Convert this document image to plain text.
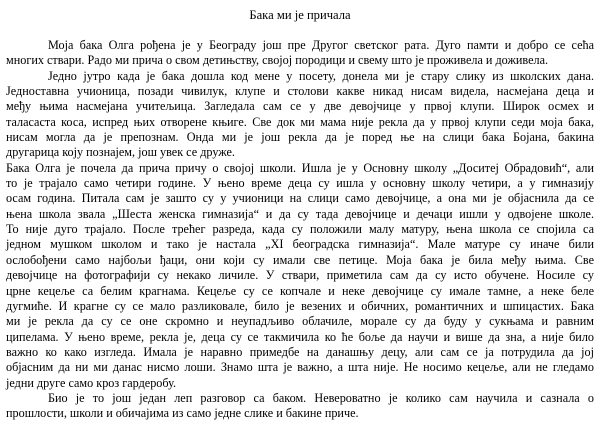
Бака ми је причала

Моја бака Олга рођена је у Београду још пре Другог светског рата. Дуго памти и добро се сећа
многих ствари. Радо ми прича о свом детињству, својој породици и свему што је проживела и доживела.

Једно јутро када је бака дошла код мене у посету, донела ми је стару слику из школских дана.
Једноставна учионица, позади чивилук, клупе и столови какве никад нисам видела, насмејана деца и
међу њима насмејана учитељица. Загледала сам се у две девојчице у првој клупи. Широк осмех и
таласаста коса, испред њих отворене књиге. Све док ми мама није рекла да у првој клупи седи моја бака,
нисам могла да је препознам. Онда ми је још рекла да је поред ње на слици бака Бојана, бакина
другарица коју познајем, још увек се друже.

Бака Олга је почела да прича причу о својој школи. Ишла је у Основну школу „Доситеј Обрадовић“, али
то је трајало само четири године. У њено време деца су ишла у основну школу четири, а у гимназију
осам година. Питала сам је зашто су у учионици на слици само девојчице, а она ми је објаснила да се
њена школа звала „Шеста женска гимназија“ и да су тада девојчице и дечаци ишли у одвојене школе.
То није дуго трајало. После трећег разреда, када су положили малу матуру, њена школа се спојила са
једном мушком школом и тако је настала „XI београдска гимназија“. Мале матуре су иначе били
ослобођени само најбољи ђаци, они који су имали све петице. Моја бака је била међу њима. Све
девојчице на фотографији су некако личиле. У ствари, приметила сам да су исто обучене. Носиле су
црне кецеље са белим крагнама. Кецеље су се копчале и неке девојчице су имале тамне, а неке беле
дугмиће. И крагне су се мало разликовале, било је везених и обичних, романтичних и шпицастих. Бака
ми је рекла да су се оне скромно и неупадљиво облачиле, морале су да буду у сукњама и равним
ципелама. У њено време, рекла је, деца су се такмичила ко ће боље да научи и више да зна, а није било
важно ко како изгледа. Имала је наравно примедбе на данашњу децу, али сам се ја потрудила да јој
објасним да ни ми данас нисмо лоши. Знамо шта је важно, а шта није. Не носимо кецеље, али не гледамо
једни друге само кроз гардеробу.

Био је то још један леп разговор са баком. Невероватно је колико сам научила и сазнала о
прошлости, школи и обичајима из само једне слике и бакине приче.
